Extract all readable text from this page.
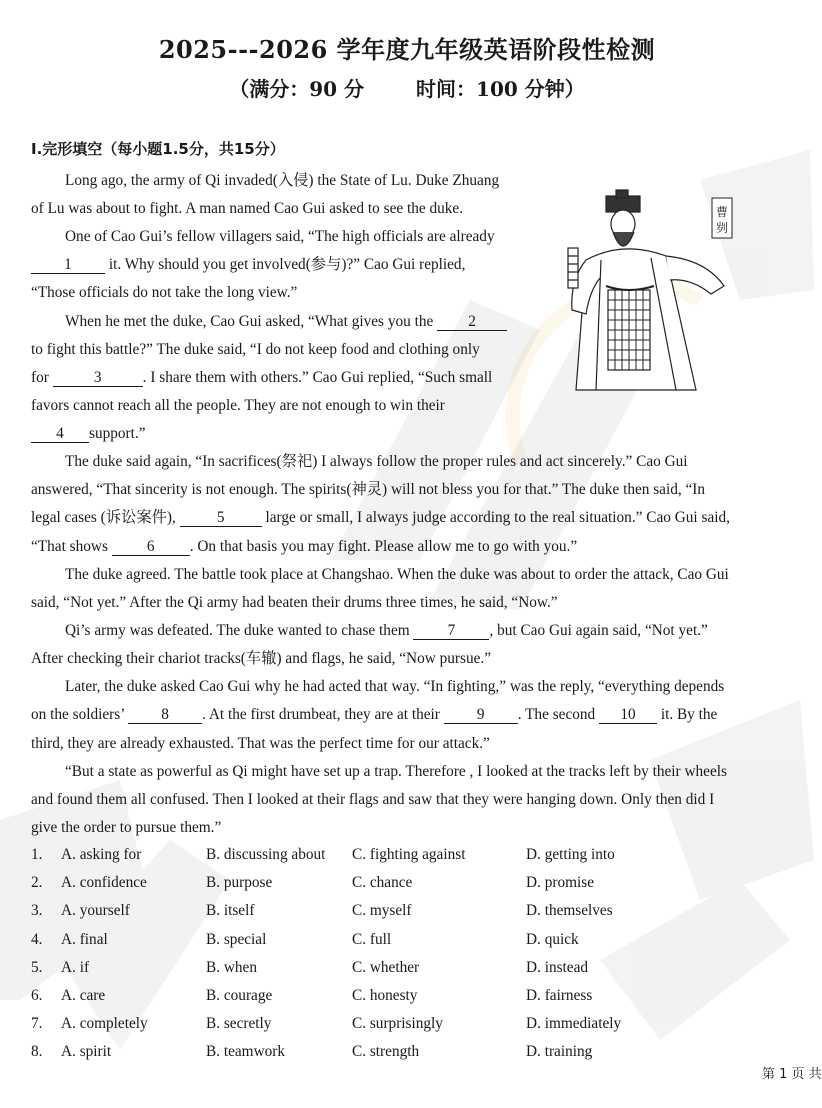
2025---2026 学年度九年级英语阶段性检测
（满分：90 分	时间：100 分钟）
I.完形填空（每小题1.5分，共15分）
曹
刿
Long ago, the army of Qi invaded(入侵) the State of Lu. Duke Zhuang
of Lu was about to fight. A man named Cao Gui asked to see the duke.
One of Cao Gui’s fellow villagers said, “The high officials are already
1 it. Why should you get involved(参与)?” Cao Gui replied,
“Those officials do not take the long view.”
When he met the duke, Cao Gui asked, “What gives you the 2
to fight this battle?” The duke said, “I do not keep food and clothing only
for	3	. I share them with others.” Cao Gui replied, “Such small
favors cannot reach all the people. They are not enough to win their
4 support.”
The duke said again, “In sacrifices(祭祀) I always follow the proper rules and act sincerely.” Cao Gui
answered, “That sincerity is not enough. The spirits(神灵) will not bless you for that.” The duke then said, “In
legal cases (诉讼案件), 5 large or small, I always judge according to the real situation.” Cao Gui said,
“That shows 6 . On that basis you may fight. Please allow me to go with you.”
The duke agreed. The battle took place at Changshao. When the duke was about to order the attack, Cao Gui
said, “Not yet.” After the Qi army had beaten their drums three times, he said, “Now.”
Qi’s army was defeated. The duke wanted to chase them 7 , but Cao Gui again said, “Not yet.”
After checking their chariot tracks(车辙) and flags, he said, “Now pursue.”
Later, the duke asked Cao Gui why he had acted that way. “In fighting,” was the reply, “everything depends
on the soldiers’ 8 . At the first drumbeat, they are at their 9 . The second 10 it. By the
third, they are already exhausted. That was the perfect time for our attack.”
“But a state as powerful as Qi might have set up a trap. Therefore , I looked at the tracks left by their wheels
and found them all confused. Then I looked at their flags and saw that they were hanging down. Only then did I
give the order to pursue them.”
1. A. asking for	B. discussing about C. fighting against	D. getting into
2. A. confidence	B. purpose	C. chance	D. promise
3. A. yourself	B. itself	C. myself	D. themselves
4. A. final	B. special	C. full	D. quick
5. A. if	B. when	C. whether	D. instead
6. A. care	B. courage	C. honesty	D. fairness
7. A. completely	B. secretly	C. surprisingly	D. immediately
8. A. spirit	B. teamwork	C. strength	D. training
第 1 页 共
